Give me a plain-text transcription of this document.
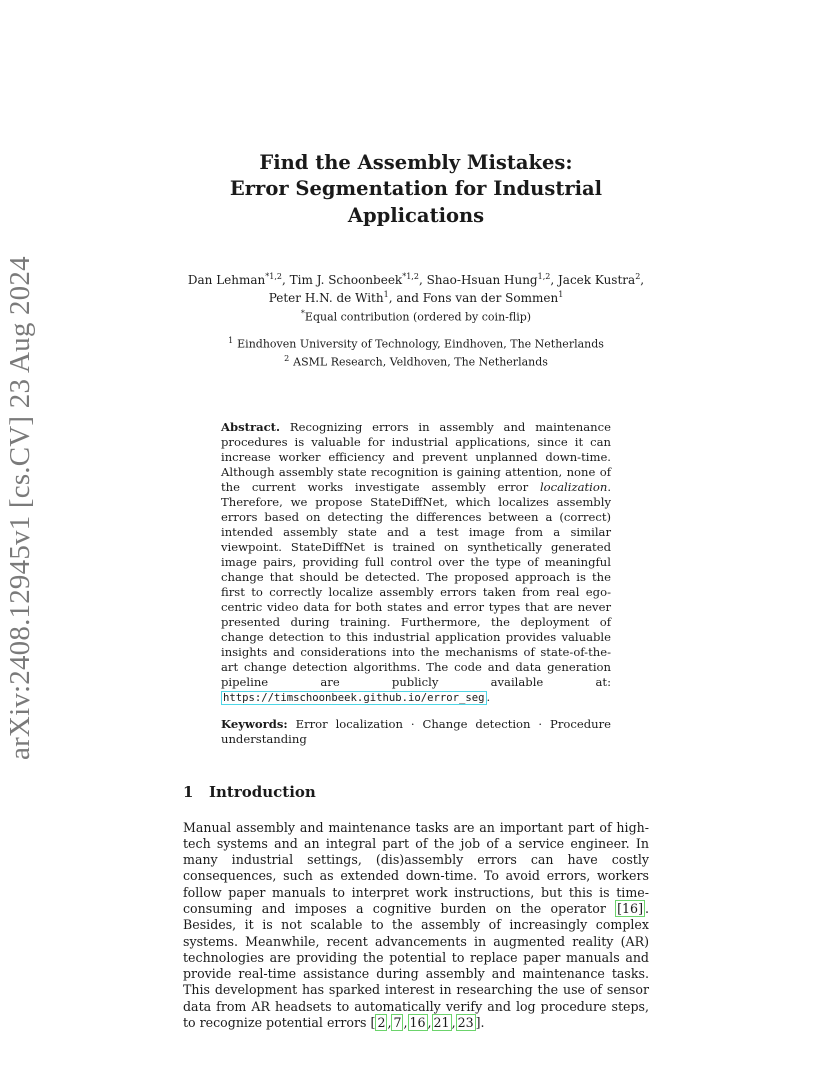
arXiv:2408.12945v1 [cs.CV] 23 Aug 2024
Find the Assembly Mistakes:
Error Segmentation for Industrial Applications
Dan Lehman$^{*1,2}$, Tim J. Schoonbeek$^{*1,2}$, Shao-Hsuan Hung$^{1,2}$, Jacek Kustra$^2$,
Peter H.N. de With$^1$, and Fons van der Sommen$^1$
*Equal contribution (ordered by coin-flip)
$^1$ Eindhoven University of Technology, Eindhoven, The Netherlands
$^2$ ASML Research, Veldhoven, The Netherlands
Abstract. Recognizing errors in assembly and maintenance procedures is valuable for industrial applications, since it can increase worker efficiency and prevent unplanned down-time. Although assembly state recognition is gaining attention, none of the current works investigate assembly error localization. Therefore, we propose StateDiffNet, which localizes assembly errors based on detecting the differences between a (correct) intended assembly state and a test image from a similar viewpoint. StateDiffNet is trained on synthetically generated image pairs, providing full control over the type of meaningful change that should be detected. The proposed approach is the first to correctly localize assembly errors taken from real ego-centric video data for both states and error types that are never presented during training. Furthermore, the deployment of change detection to this industrial application provides valuable insights and considerations into the mechanisms of state-of-the-art change detection algorithms. The code and data generation pipeline are publicly available at: https://timschoonbeek.github.io/error_seg .
Keywords: Error localization · Change detection · Procedure understanding
1 Introduction
Manual assembly and maintenance tasks are an important part of high-tech systems and an integral part of the job of a service engineer. In many industrial settings, (dis)assembly errors can have costly consequences, such as extended down-time. To avoid errors, workers follow paper manuals to interpret work instructions, but this is time-consuming and imposes a cognitive burden on the operator [16] . Besides, it is not scalable to the assembly of increasingly complex systems. Meanwhile, recent advancements in augmented reality (AR) technologies are providing the potential to replace paper manuals and provide real-time assistance during assembly and maintenance tasks. This development has sparked interest in researching the use of sensor data from AR headsets to automatically verify and log procedure steps, to recognize potential errors [ 2 , 7 , 16 , 21 , 23 ].
